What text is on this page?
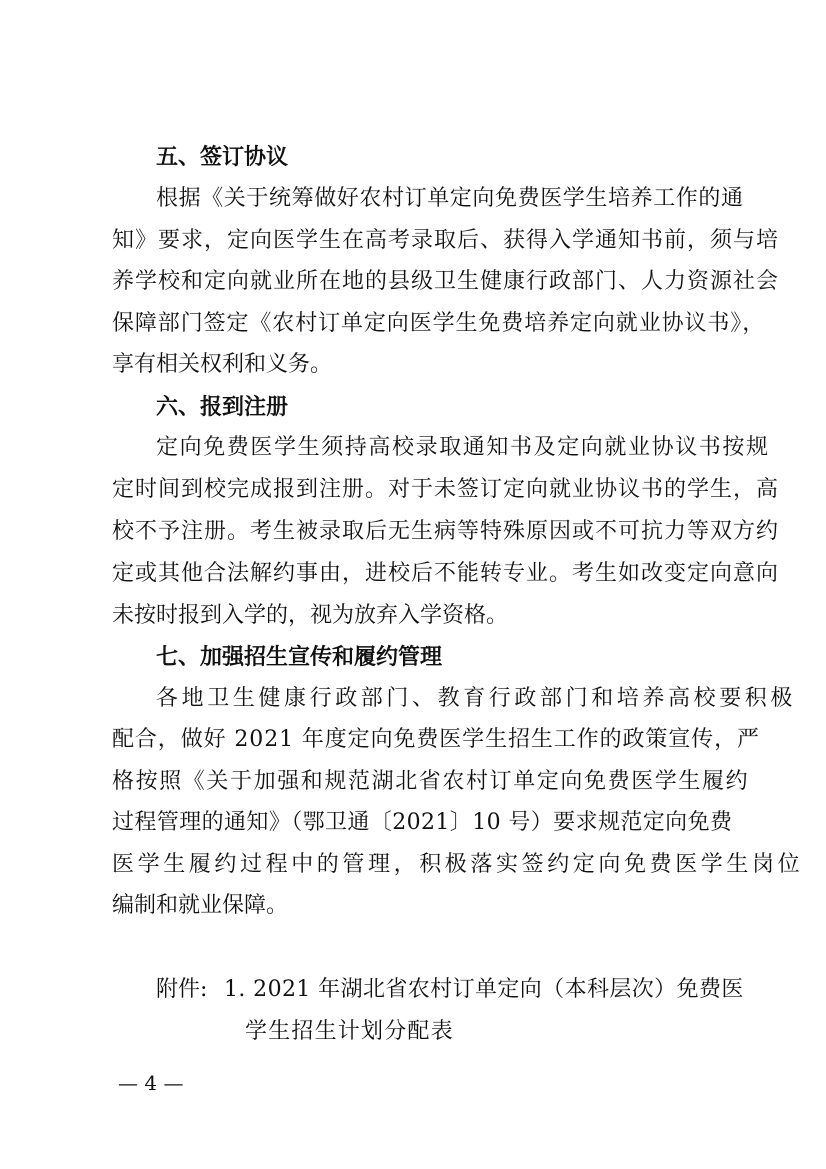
五、签订协议
根据《关于统筹做好农村订单定向免费医学生培养工作的通
知》要求，定向医学生在高考录取后、获得入学通知书前，须与培
养学校和定向就业所在地的县级卫生健康行政部门、人力资源社会
保障部门签定《农村订单定向医学生免费培养定向就业协议书》，
享有相关权利和义务。
六、报到注册
定向免费医学生须持高校录取通知书及定向就业协议书按规
定时间到校完成报到注册。对于未签订定向就业协议书的学生，高
校不予注册。考生被录取后无生病等特殊原因或不可抗力等双方约
定或其他合法解约事由，进校后不能转专业。考生如改变定向意向
未按时报到入学的，视为放弃入学资格。
七、加强招生宣传和履约管理
各地卫生健康行政部门、教育行政部门和培养高校要积极
配合，做好 2021 年度定向免费医学生招生工作的政策宣传，严
格按照《关于加强和规范湖北省农村订单定向免费医学生履约
过程管理的通知》（鄂卫通〔2021〕10 号）要求规范定向免费
医学生履约过程中的管理，积极落实签约定向免费医学生岗位
编制和就业保障。
附件: 1. 2021 年湖北省农村订单定向（本科层次）免费医
学生招生计划分配表
— 4 —
